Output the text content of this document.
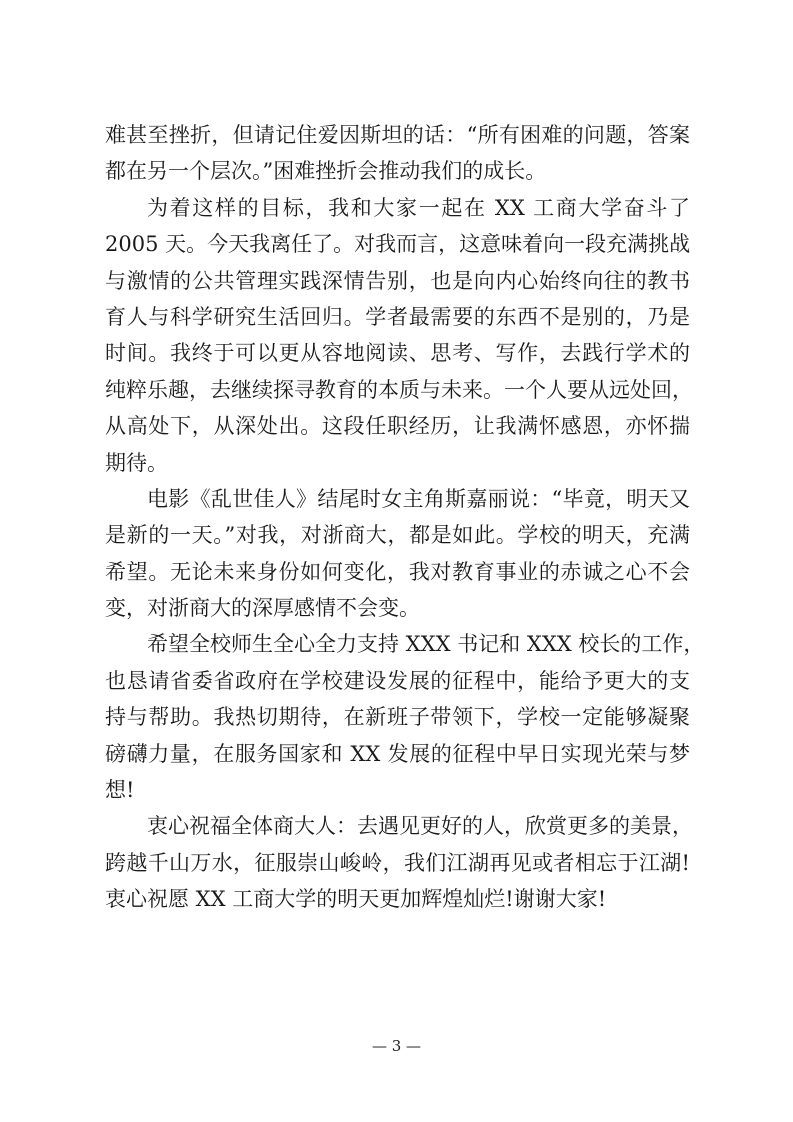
难甚至挫折，但请记住爱因斯坦的话：“所有困难的问题，答案
都在另一个层次。”困难挫折会推动我们的成长。
为着这样的目标，我和大家一起在 XX 工商大学奋斗了
2005 天。今天我离任了。对我而言，这意味着向一段充满挑战
与激情的公共管理实践深情告别，也是向内心始终向往的教书
育人与科学研究生活回归。学者最需要的东西不是别的，乃是
时间。我终于可以更从容地阅读、思考、写作，去践行学术的
纯粹乐趣，去继续探寻教育的本质与未来。一个人要从远处回，
从高处下，从深处出。这段任职经历，让我满怀感恩，亦怀揣
期待。
电影《乱世佳人》结尾时女主角斯嘉丽说：“毕竟，明天又
是新的一天。”对我，对浙商大，都是如此。学校的明天，充满
希望。无论未来身份如何变化，我对教育事业的赤诚之心不会
变，对浙商大的深厚感情不会变。
希望全校师生全心全力支持 XXX 书记和 XXX 校长的工作，
也恳请省委省政府在学校建设发展的征程中，能给予更大的支
持与帮助。我热切期待，在新班子带领下，学校一定能够凝聚
磅礴力量，在服务国家和 XX 发展的征程中早日实现光荣与梦
想!
衷心祝福全体商大人：去遇见更好的人，欣赏更多的美景，
跨越千山万水，征服崇山峻岭，我们江湖再见或者相忘于江湖!
衷心祝愿 XX 工商大学的明天更加辉煌灿烂!谢谢大家!
— 3 —
